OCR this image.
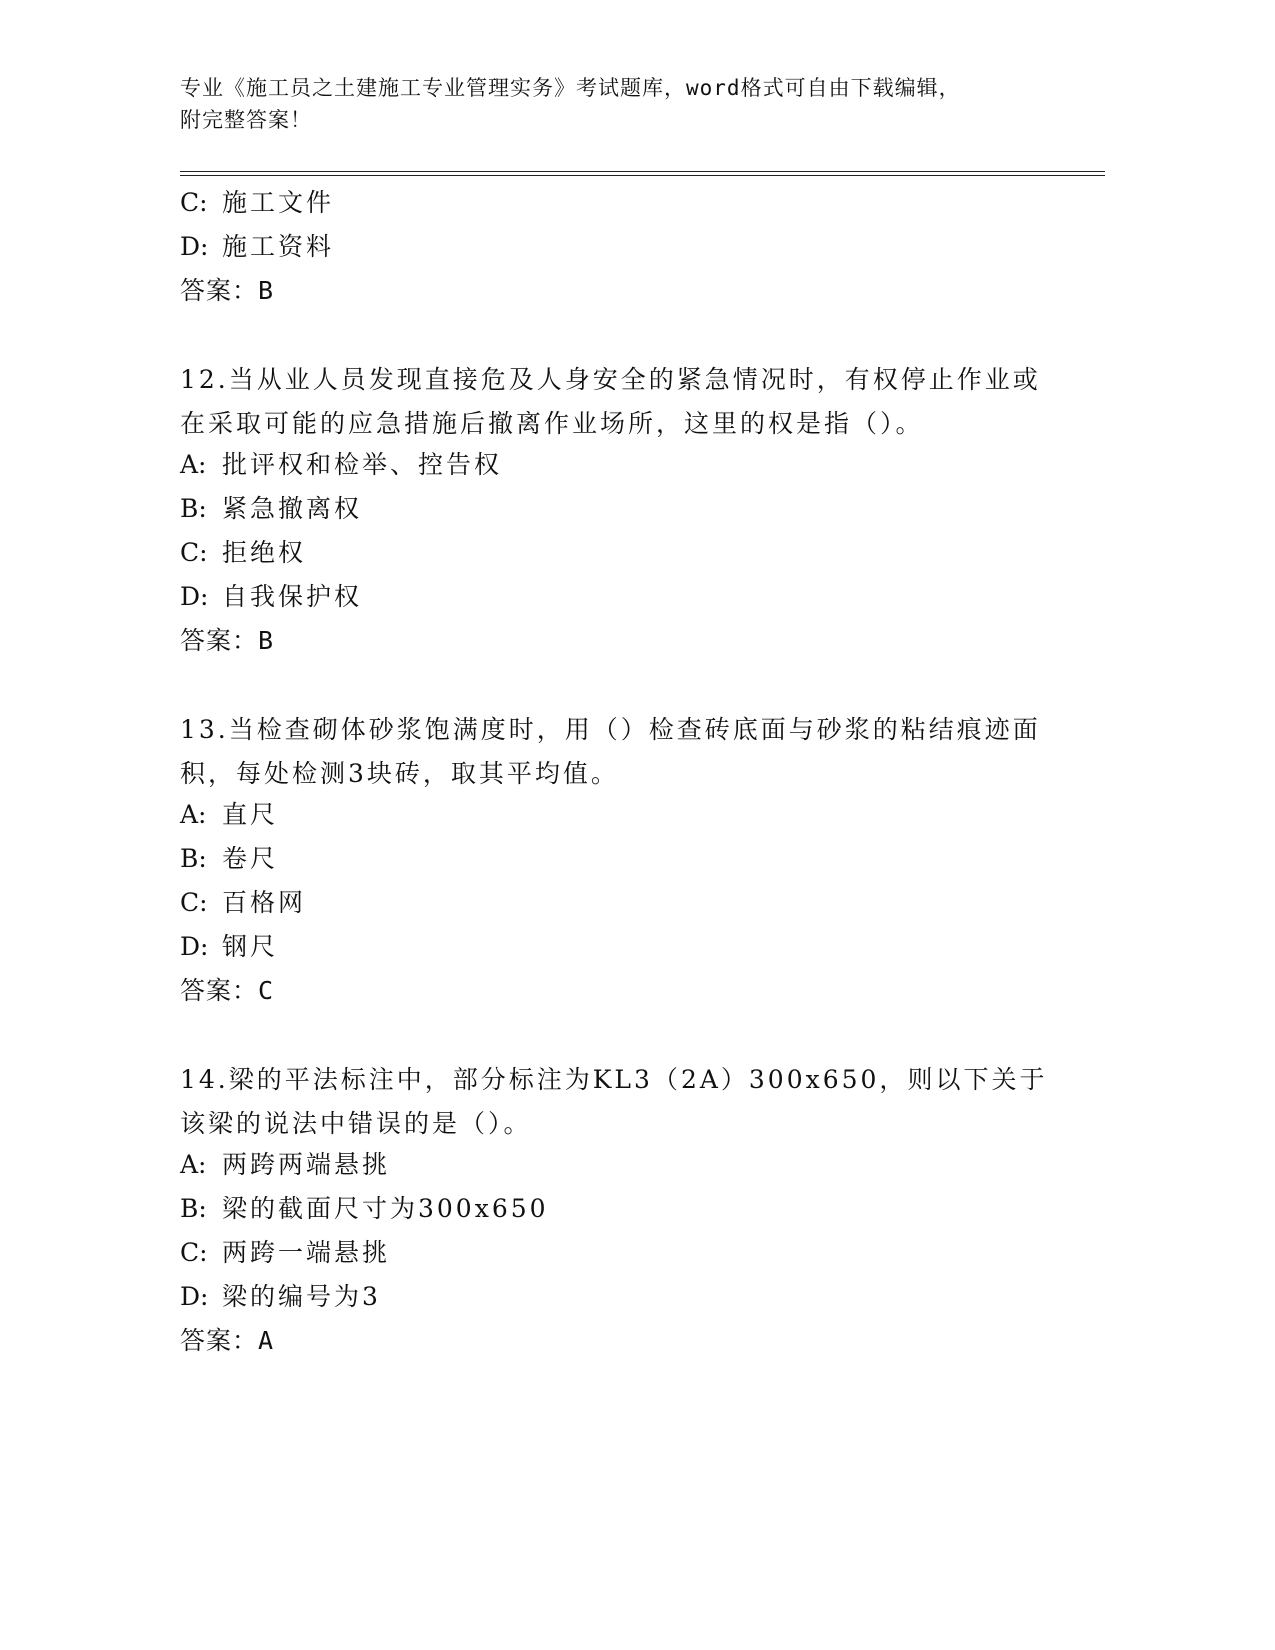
专业《施工员之土建施工专业管理实务》考试题库，word格式可自由下载编辑，
附完整答案！
C: 施工文件
D: 施工资料
答案：B
12.当从业人员发现直接危及人身安全的紧急情况时，有权停止作业或在采取可能的应急措施后撤离作业场所，这里的权是指（）。
A: 批评权和检举、控告权
B: 紧急撤离权
C: 拒绝权
D: 自我保护权
答案：B
13.当检查砌体砂浆饱满度时，用（）检查砖底面与砂浆的粘结痕迹面积，每处检测3块砖，取其平均值。
A: 直尺
B: 卷尺
C: 百格网
D: 钢尺
答案：C
14.梁的平法标注中，部分标注为KL3（2A）300x650，则以下关于该梁的说法中错误的是（）。
A: 两跨两端悬挑
B: 梁的截面尺寸为300x650
C: 两跨一端悬挑
D: 梁的编号为3
答案：A
